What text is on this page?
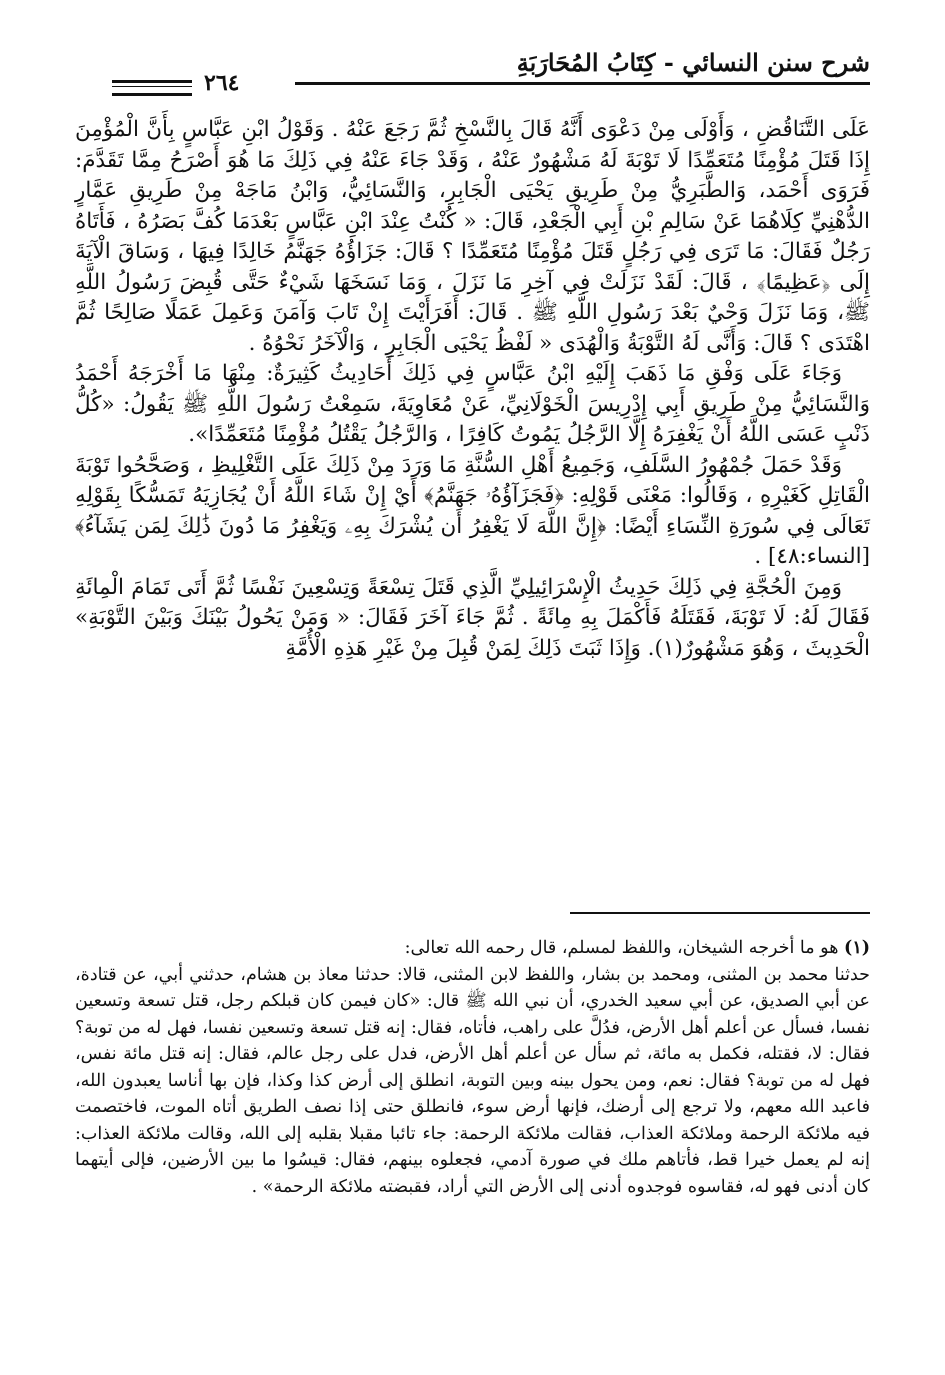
شرح سنن النسائي - كِتَابُ المُحَارَبَةِ
٢٦٤

عَلَى التَّنَاقُضِ ، وَأَوْلَى مِنْ دَعْوَى أَنَّهُ قَالَ بِالنَّسْخِ ثُمَّ رَجَعَ عَنْهُ . وَقَوْلُ ابْنِ عَبَّاسٍ بِأَنَّ الْمُؤْمِنَ إِذَا قَتَلَ مُؤْمِنًا مُتَعَمِّدًا لَا تَوْبَةَ لَهُ مَشْهُورٌ عَنْهُ ، وَقَدْ جَاءَ عَنْهُ فِي ذَلِكَ مَا هُوَ أَصْرَحُ مِمَّا تَقَدَّمَ: فَرَوَى أَحْمَد، وَالطَّبَرِيُّ مِنْ طَرِيقِ يَحْيَى الْجَابِرِ، وَالنَّسَائِيُّ، وَابْنُ مَاجَهْ مِنْ طَرِيقِ عَمَّارٍ الدُّهْنِيِّ كِلَاهُمَا عَنْ سَالِمِ بْنِ أَبِي الْجَعْدِ، قَالَ: « كُنْتُ عِنْدَ ابْنِ عَبَّاسٍ بَعْدَمَا كُفَّ بَصَرُهُ ، فَأَتَاهُ رَجُلٌ فَقَالَ: مَا تَرَى فِي رَجُلٍ قَتَلَ مُؤْمِنًا مُتَعَمِّدًا ؟ قَالَ: جَزَاؤُهُ جَهَنَّمُ خَالِدًا فِيهَا ، وَسَاقَ الْآيَةَ إِلَى ﴿عَظِيمًا﴾ ، قَالَ: لَقَدْ نَزَلَتْ فِي آخِرِ مَا نَزَلَ ، وَمَا نَسَخَهَا شَيْءٌ حَتَّى قُبِضَ رَسُولُ اللَّهِ ﷺ، وَمَا نَزَلَ وَحْيٌ بَعْدَ رَسُولِ اللَّهِ ﷺ . قَالَ: أَفَرَأَيْتَ إِنْ تَابَ وَآمَنَ وَعَمِلَ عَمَلًا صَالِحًا ثُمَّ اهْتَدَى ؟ قَالَ: وَأَنَّى لَهُ التَّوْبَةُ وَالْهُدَى « لَفْظُ يَحْيَى الْجَابِرِ ، وَالْآخَرُ نَحْوُهُ .

وَجَاءَ عَلَى وَفْقِ مَا ذَهَبَ إِلَيْهِ ابْنُ عَبَّاسٍ فِي ذَلِكَ أَحَادِيثُ كَثِيرَةٌ: مِنْهَا مَا أَخْرَجَهُ أَحْمَدُ وَالنَّسَائِيُّ مِنْ طَرِيقِ أَبِي إِدْرِيسَ الْخَوْلَانِيِّ، عَنْ مُعَاوِيَةَ، سَمِعْتُ رَسُولَ اللَّهِ ﷺ يَقُولُ: «كُلُّ ذَنْبٍ عَسَى اللَّهُ أَنْ يَغْفِرَهُ إِلَّا الرَّجُلُ يَمُوتُ كَافِرًا ، وَالرَّجُلُ يَقْتُلُ مُؤْمِنًا مُتَعَمِّدًا».

وَقَدْ حَمَلَ جُمْهُورُ السَّلَفِ، وَجَمِيعُ أَهْلِ السُّنَّةِ مَا وَرَدَ مِنْ ذَلِكَ عَلَى التَّغْلِيظِ ، وَصَحَّحُوا تَوْبَةَ الْقَاتِلِ كَغَيْرِهِ ، وَقَالُوا: مَعْنَى قَوْلِهِ: ﴿فَجَزَآؤُهُۥ جَهَنَّمُ﴾ أَيْ إِنْ شَاءَ اللَّهُ أَنْ يُجَازِيَهُ تَمَسُّكًا بِقَوْلِهِ تَعَالَى فِي سُورَةِ النِّسَاءِ أَيْضًا: ﴿إِنَّ اللَّهَ لَا يَغْفِرُ أَن يُشْرَكَ بِهِۦ وَيَغْفِرُ مَا دُونَ ذَٰلِكَ لِمَن يَشَآءُ﴾ [النساء:٤٨] .

وَمِنَ الْحُجَّةِ فِي ذَلِكَ حَدِيثُ الْإِسْرَائِيلِيِّ الَّذِي قَتَلَ تِسْعَةً وَتِسْعِينَ نَفْسًا ثُمَّ أَتَى تَمَامَ الْمِائَةِ فَقَالَ لَهُ: لَا تَوْبَةَ، فَقَتَلَهُ فَأَكْمَلَ بِهِ مِائَةً . ثُمَّ جَاءَ آخَرَ فَقَالَ: « وَمَنْ يَحُولُ بَيْنَكَ وَبَيْنَ التَّوْبَةِ» الْحَدِيثَ ، وَهُوَ مَشْهُورٌ(١). وَإِذَا ثَبَتَ ذَلِكَ لِمَنْ قُبِلَ مِنْ غَيْرِ هَذِهِ الْأُمَّةِ

(١) هو ما أخرجه الشيخان، واللفظ لمسلم، قال رحمه الله تعالى:

حدثنا محمد بن المثنى، ومحمد بن بشار، واللفظ لابن المثنى، قالا: حدثنا معاذ بن هشام، حدثني أبي، عن قتادة، عن أبي الصديق، عن أبي سعيد الخدري، أن نبي الله ﷺ قال: «كان فيمن كان قبلكم رجل، قتل تسعة وتسعين نفسا، فسأل عن أعلم أهل الأرض، فدُلَّ على راهب، فأتاه، فقال: إنه قتل تسعة وتسعين نفسا، فهل له من توبة؟ فقال: لا، فقتله، فكمل به مائة، ثم سأل عن أعلم أهل الأرض، فدل على رجل عالم، فقال: إنه قتل مائة نفس، فهل له من توبة؟ فقال: نعم، ومن يحول بينه وبين التوبة، انطلق إلى أرض كذا وكذا، فإن بها أناسا يعبدون الله، فاعبد الله معهم، ولا ترجع إلى أرضك، فإنها أرض سوء، فانطلق حتى إذا نصف الطريق أتاه الموت، فاختصمت فيه ملائكة الرحمة وملائكة العذاب، فقالت ملائكة الرحمة: جاء تائبا مقبلا بقلبه إلى الله، وقالت ملائكة العذاب: إنه لم يعمل خيرا قط، فأتاهم ملك في صورة آدمي، فجعلوه بينهم، فقال: قيسُوا ما بين الأرضين، فإلى أيتهما كان أدنى فهو له، فقاسوه فوجدوه أدنى إلى الأرض التي أراد، فقبضته ملائكة الرحمة» .
